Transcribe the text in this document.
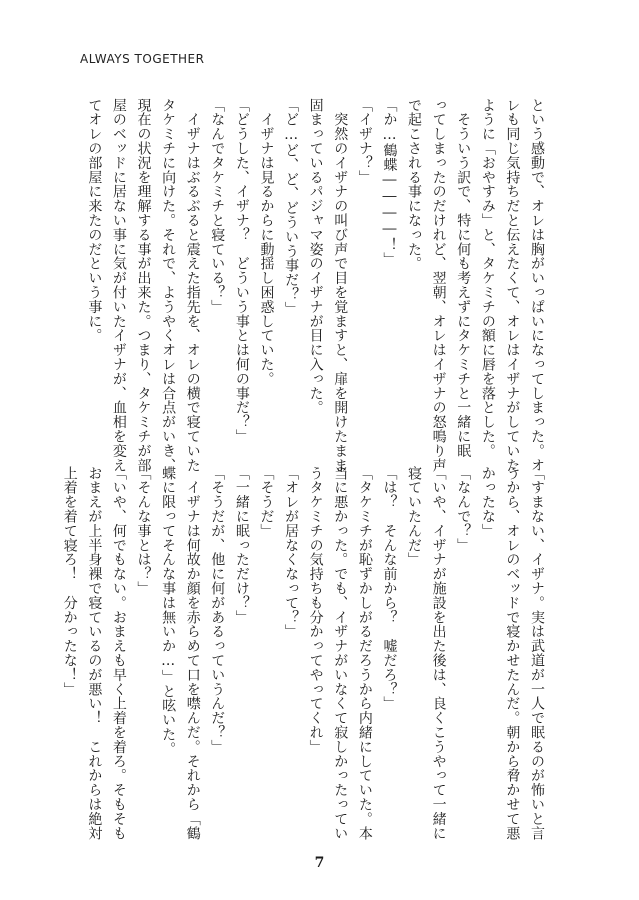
ALWAYS TOGETHER
という感動で、オレは胸がいっぱいになってしまった。オ
レも同じ気持ちだと伝えたくて、オレはイザナがしていた
ように「おやすみ」と、タケミチの額に唇を落とした。
　そういう訳で、特に何も考えずにタケミチと一緒に眠
ってしまったのだけれど、翌朝、オレはイザナの怒鳴り声
で起こされる事になった。
「か…鶴蝶――――！」
「イザナ？」
　突然のイザナの叫び声で目を覚ますと、扉を開けたまま
固まっているパジャマ姿のイザナが目に入った。
「ど…ど、ど、どういう事だ？」
　イザナは見るからに動揺し困惑していた。
「どうした、イザナ？　どういう事とは何の事だ？」
「なんでタケミチと寝ている？」
　イザナはぶるぶると震えた指先を、オレの横で寝ていた
タケミチに向けた。それで、ようやくオレは合点がいき、
現在の状況を理解する事が出来た。つまり、タケミチが部
屋のベッドに居ない事に気が付いたイザナが、血相を変え
てオレの部屋に来たのだという事に。
「すまない、イザナ。実は武道が一人で眠るのが怖いと言
うから、オレのベッドで寝かせたんだ。朝から脅かせて悪
かったな」
「なんで？」
「いや、イザナが施設を出た後は、良くこうやって一緒に
寝ていたんだ」
「は？　そんな前から？　嘘だろ？」
「タケミチが恥ずかしがるだろうから内緒にしていた。本
当に悪かった。でも、イザナがいなくて寂しかったってい
うタケミチの気持ちも分かってやってくれ」
「オレが居なくなって？」
「そうだ」
「一緒に眠っただけ？」
「そうだが、他に何があるっていうんだ？」
　イザナは何故か顔を赤らめて口を噤んだ。それから「鶴
蝶に限ってそんな事は無いか…」と呟いた。
「そんな事とは？」
「いや、何でもない。おまえも早く上着を着ろ。そもそも
おまえが上半身裸で寝ているのが悪い！　これからは絶対
上着を着て寝ろ！　分かったな！」
7
